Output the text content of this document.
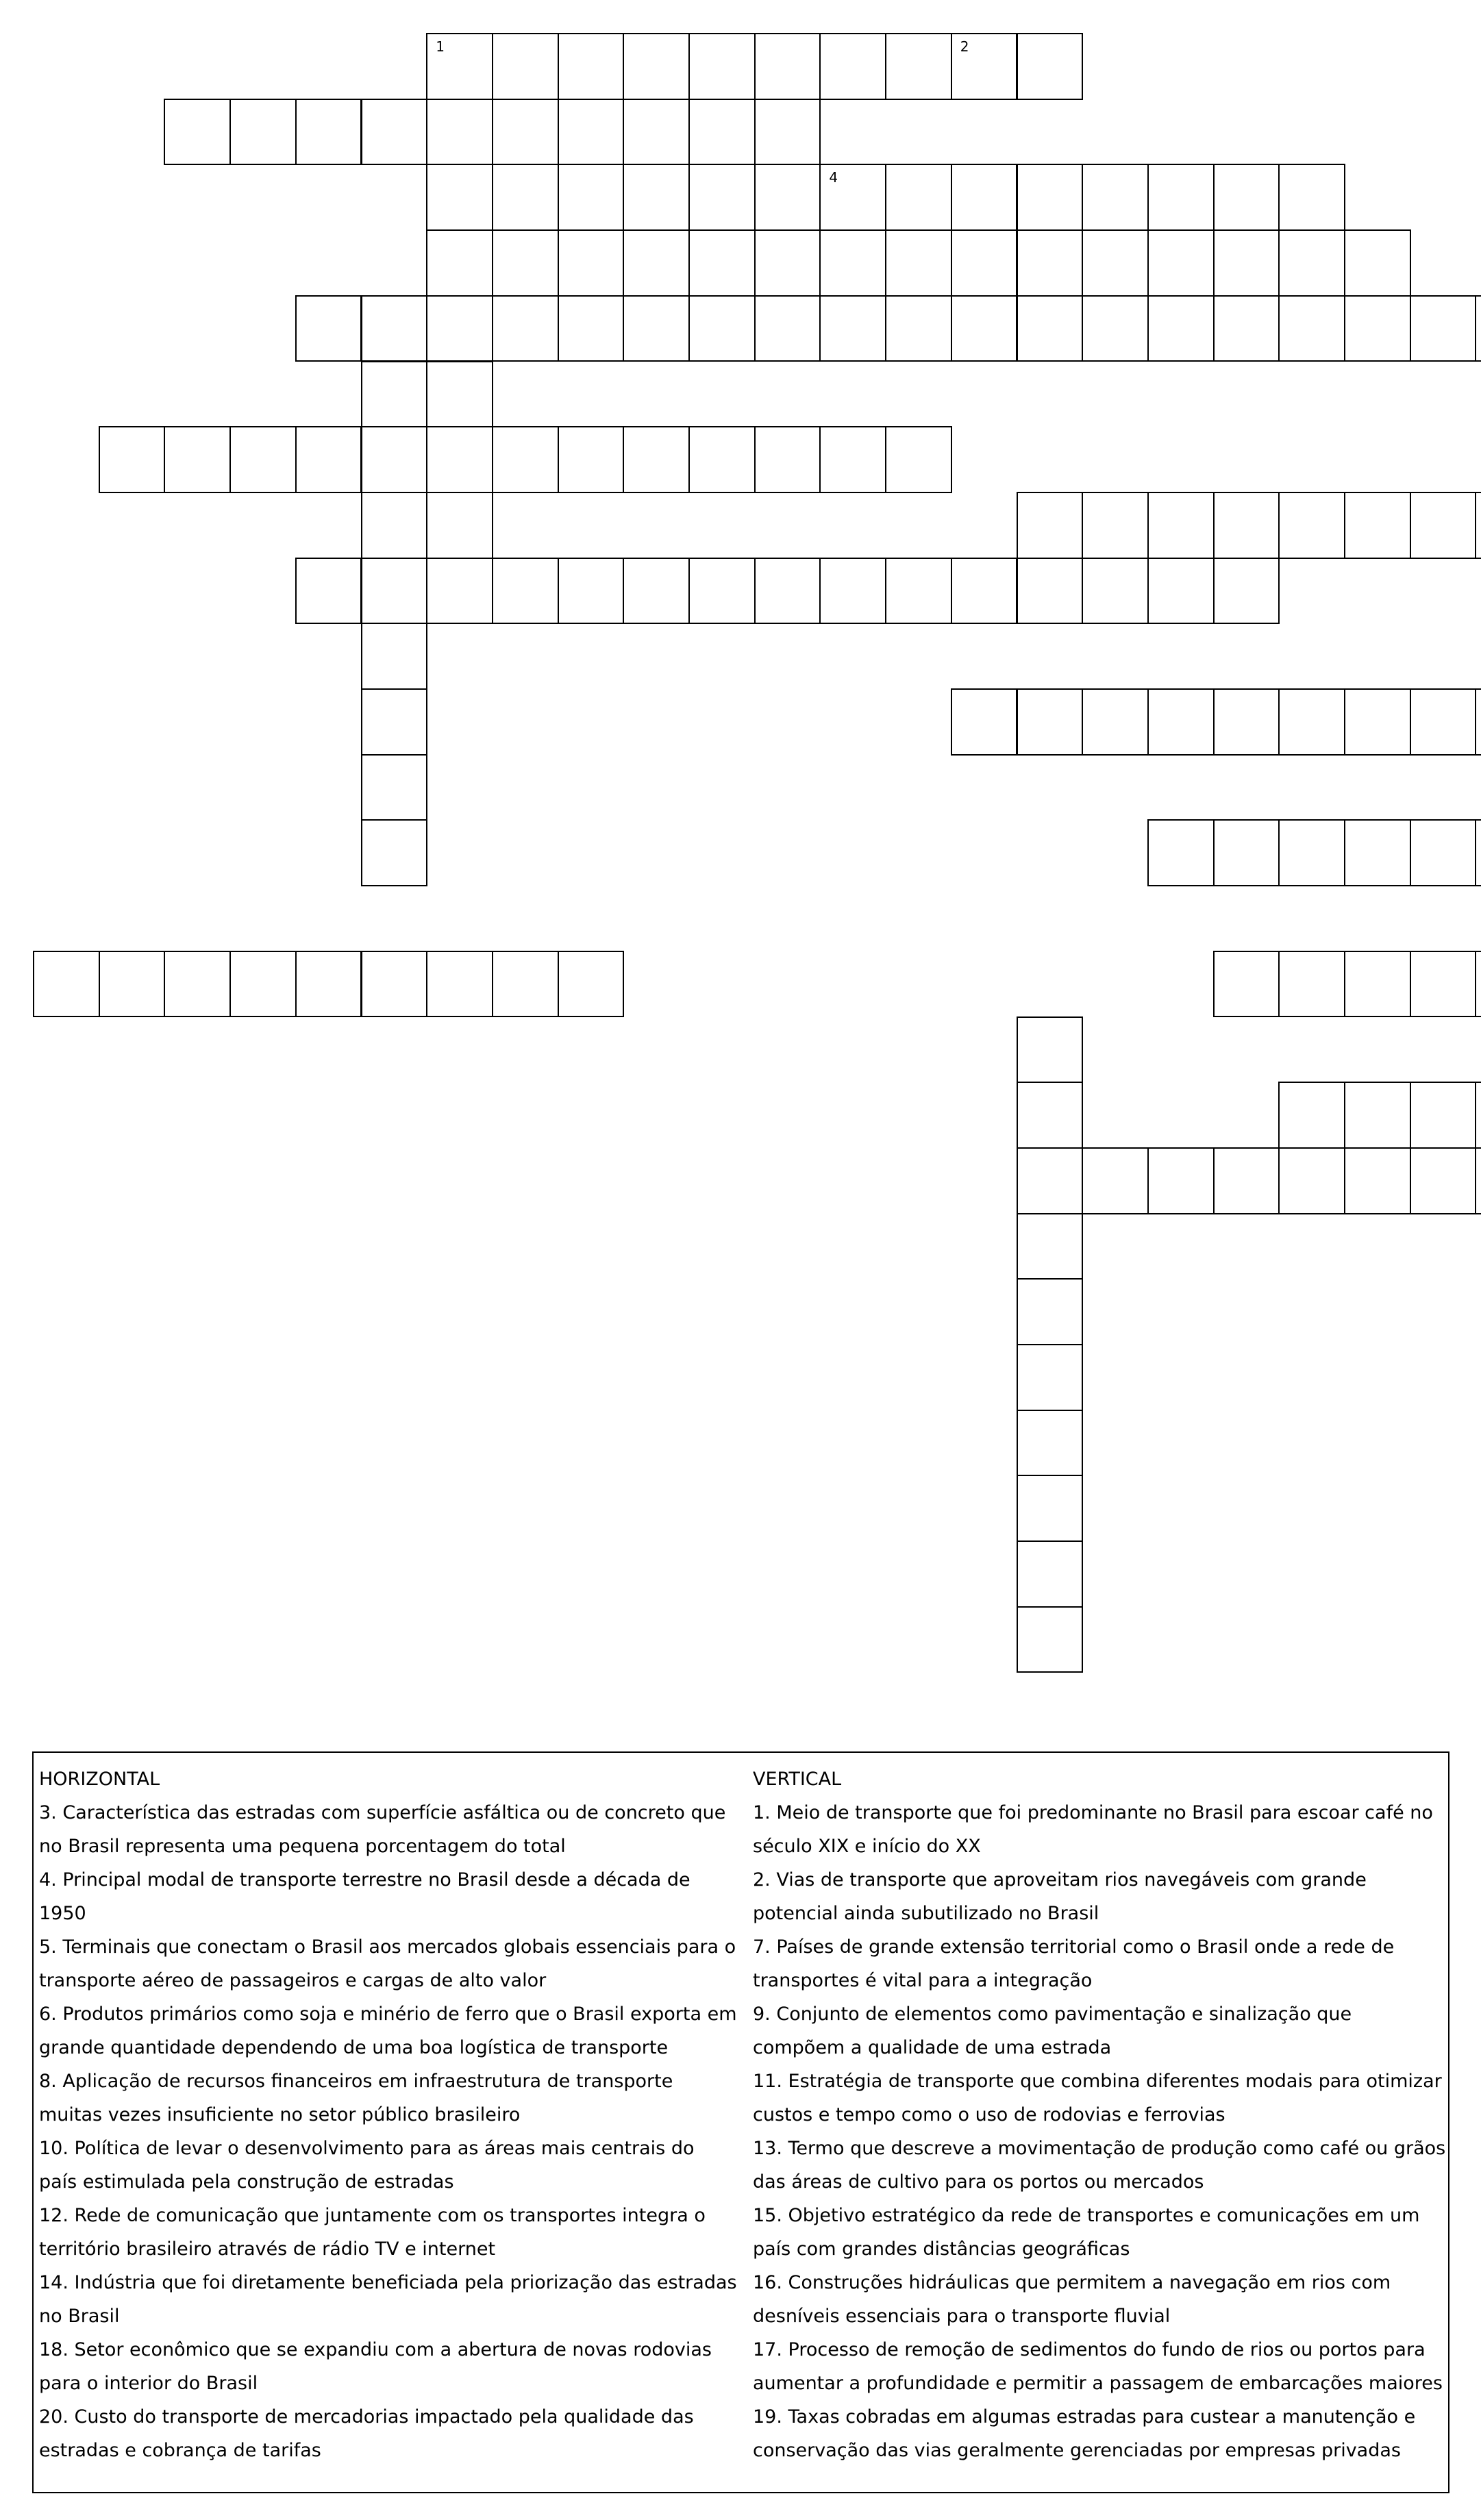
4
1	2
HORIZONTAL
3. Característica das estradas com superfície asfáltica ou de concreto que no Brasil representa uma pequena porcentagem do total
4. Principal modal de transporte terrestre no Brasil desde a década de 1950
5. Terminais que conectam o Brasil aos mercados globais essenciais para o transporte aéreo de passageiros e cargas de alto valor
6. Produtos primários como soja e minério de ferro que o Brasil exporta em grande quantidade dependendo de uma boa logística de transporte
8. Aplicação de recursos financeiros em infraestrutura de transporte muitas vezes insuficiente no setor público brasileiro
10. Política de levar o desenvolvimento para as áreas mais centrais do país estimulada pela construção de estradas
12. Rede de comunicação que juntamente com os transportes integra o território brasileiro através de rádio TV e internet
14. Indústria que foi diretamente beneficiada pela priorização das estradas no Brasil
18. Setor econômico que se expandiu com a abertura de novas rodovias para o interior do Brasil
20. Custo do transporte de mercadorias impactado pela qualidade das estradas e cobrança de tarifas
VERTICAL
1. Meio de transporte que foi predominante no Brasil para escoar café no século XIX e início do XX
2. Vias de transporte que aproveitam rios navegáveis com grande potencial ainda subutilizado no Brasil
7. Países de grande extensão territorial como o Brasil onde a rede de transportes é vital para a integração
9. Conjunto de elementos como pavimentação e sinalização que compõem a qualidade de uma estrada
11. Estratégia de transporte que combina diferentes modais para otimizar custos e tempo como o uso de rodovias e ferrovias
13. Termo que descreve a movimentação de produção como café ou grãos das áreas de cultivo para os portos ou mercados
15. Objetivo estratégico da rede de transportes e comunicações em um país com grandes distâncias geográficas
16. Construções hidráulicas que permitem a navegação em rios com desníveis essenciais para o transporte fluvial
17. Processo de remoção de sedimentos do fundo de rios ou portos para aumentar a profundidade e permitir a passagem de embarcações maiores
19. Taxas cobradas em algumas estradas para custear a manutenção e conservação das vias geralmente gerenciadas por empresas privadas
